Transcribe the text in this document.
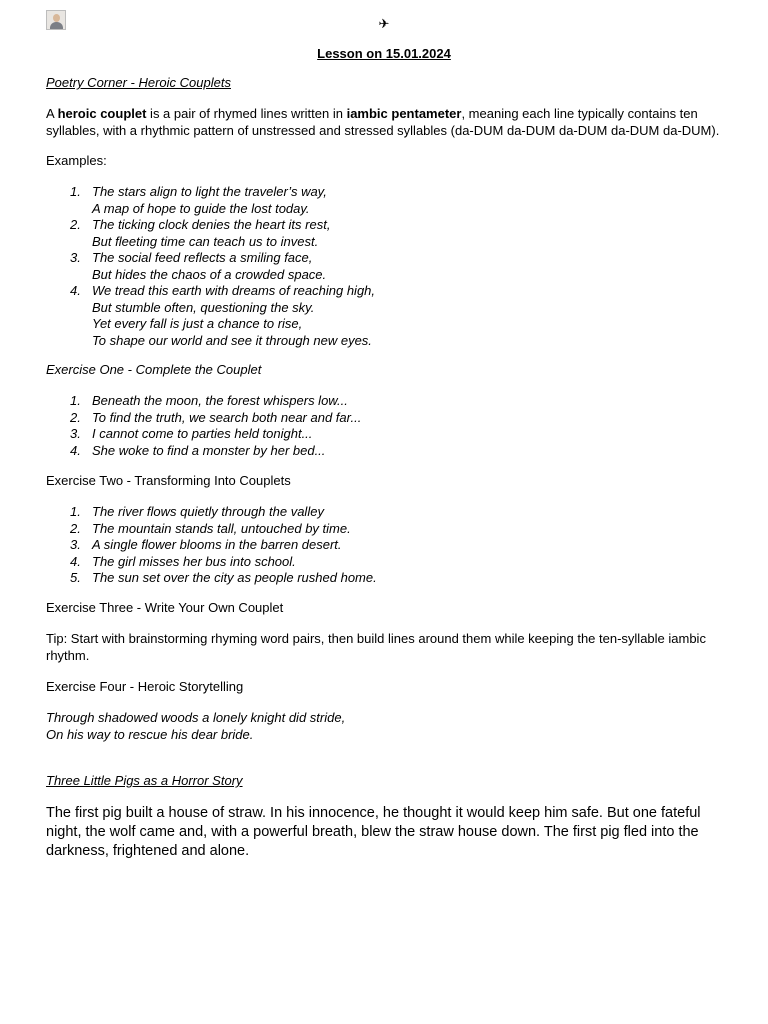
✈
Lesson on 15.01.2024
Poetry Corner - Heroic Couplets
A heroic couplet is a pair of rhymed lines written in iambic pentameter, meaning each line typically contains ten syllables, with a rhythmic pattern of unstressed and stressed syllables (da-DUM da-DUM da-DUM da-DUM da-DUM).
Examples:
1. The stars align to light the traveler’s way,
A map of hope to guide the lost today.
2. The ticking clock denies the heart its rest,
But fleeting time can teach us to invest.
3. The social feed reflects a smiling face,
But hides the chaos of a crowded space.
4. We tread this earth with dreams of reaching high,
But stumble often, questioning the sky.
Yet every fall is just a chance to rise,
To shape our world and see it through new eyes.
Exercise One - Complete the Couplet
1. Beneath the moon, the forest whispers low...
2. To find the truth, we search both near and far...
3. I cannot come to parties held tonight...
4. She woke to find a monster by her bed...
Exercise Two - Transforming Into Couplets
1. The river flows quietly through the valley
2. The mountain stands tall, untouched by time.
3. A single flower blooms in the barren desert.
4. The girl misses her bus into school.
5. The sun set over the city as people rushed home.
Exercise Three - Write Your Own Couplet
Tip: Start with brainstorming rhyming word pairs, then build lines around them while keeping the ten-syllable iambic rhythm.
Exercise Four - Heroic Storytelling
Through shadowed woods a lonely knight did stride,
On his way to rescue his dear bride.
Three Little Pigs as a Horror Story
The first pig built a house of straw. In his innocence, he thought it would keep him safe. But one fateful night, the wolf came and, with a powerful breath, blew the straw house down. The first pig fled into the darkness, frightened and alone.
